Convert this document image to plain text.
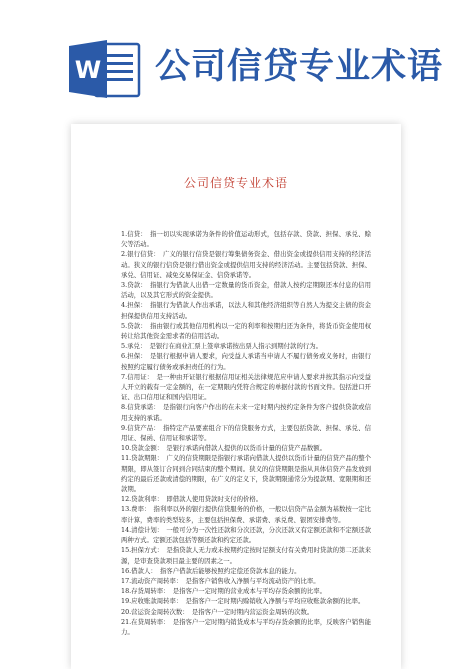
W 公司信贷专业术语
公司信贷专业术语

1.信贷：　指一切以实现承诺为条件的价值运动形式，包括存款、贷款、担保、承兑、赊欠等活动。

2.银行信贷：　广义的银行信贷是银行筹集债务资金、借出资金或提供信用支持的经济活动。狭义的银行信贷是银行借出资金或提供信用支持的经济活动。主要包括贷款、担保、承兑、信用证、减免交易保证金、信贷承诺等。

3.贷款：　指银行为借款人出借一定数量的货币资金，借款人按约定期限还本付息的信用活动，以及其它形式的资金提供。

4.担保：　指银行为借款人作出承诺，以法人和其他经济组织等自然人为提交主债的资金担保提供信用支持活动。

5.贷款：　指由银行或其他信用机构以一定的利率和按期归还为条件，将货币资金使用权转让给其他资金需求者的信用活动。

5.承兑：　是银行在商业汇票上签章承诺按出票人指示到期付款的行为。

6.担保：　是银行根据申请人要求，向受益人承诺当申请人不履行债务或义务时，由银行按照约定履行债务或承担责任的行为。

7.信用证：　是一种由开证银行根据信用证相关法律规范应申请人要求并按其指示向受益人开立的载有一定金额的，在一定期限内凭符合规定的单据付款的书面文件。包括进口开证、出口信用证和国内信用证。

8.信贷承诺：　是指银行向客户作出的在未来一定时期内按约定条件为客户提供贷款或信用支持的承诺。

9.信贷产品：　指特定产品要素组合下的信贷服务方式，主要包括贷款、担保、承兑、信用证、保函、信用证和承诺等。

10.贷款金额：　是银行承诺向借款人提供的以货币计量的信贷产品数额。

11.贷款期限：　广义的信贷期限是指银行承诺向借款人提供以货币计量的信贷产品的整个期限，即从签订合同到合同结束的整个期间。狭义的信贷期限是指从具体信贷产品发放到约定的最后还款或清偿的期限，在广义的定义下，贷款期限通常分为提款期、宽限期和还款期。

12.贷款利率：　即借款人使用贷款时支付的价格。

13.费率：　指利率以外的银行提供信贷服务的价格，一般以信贷产品金额为基数按一定比率计算，费率的类型较多，主要包括担保费、承诺费、承兑费、银团安排费等。

14.清偿计划：　一般可分为一次性还款和分次还款，分次还款又有定额还款和不定额还款两种方式。定额还款包括等额还款和约定还款。

15.担保方式：　是指贷款人无力或未按期约定按时足额支付有关费用时贷款的第二还款来源，是审查贷款项目最主要的因素之一。

16.借款人：　指客户借款后能够按照约定偿还贷款本息的能力。

17.流动资产周转率：　是指客户销售收入净额与平均流动资产的比率。

18.存货周转率：　是指客户一定时期的营业成本与平均存货余额的比率。

19.应收账款周转率：　是指客户一定时期内赊销收入净额与平均应收账款余额的比率。

20.营运资金周转次数：　是指客户一定时期内营运资金周转的次数。

21.在贷周转率：　是指客户一定时期内销货成本与平均存货余额的比率，反映客户销售能力。
